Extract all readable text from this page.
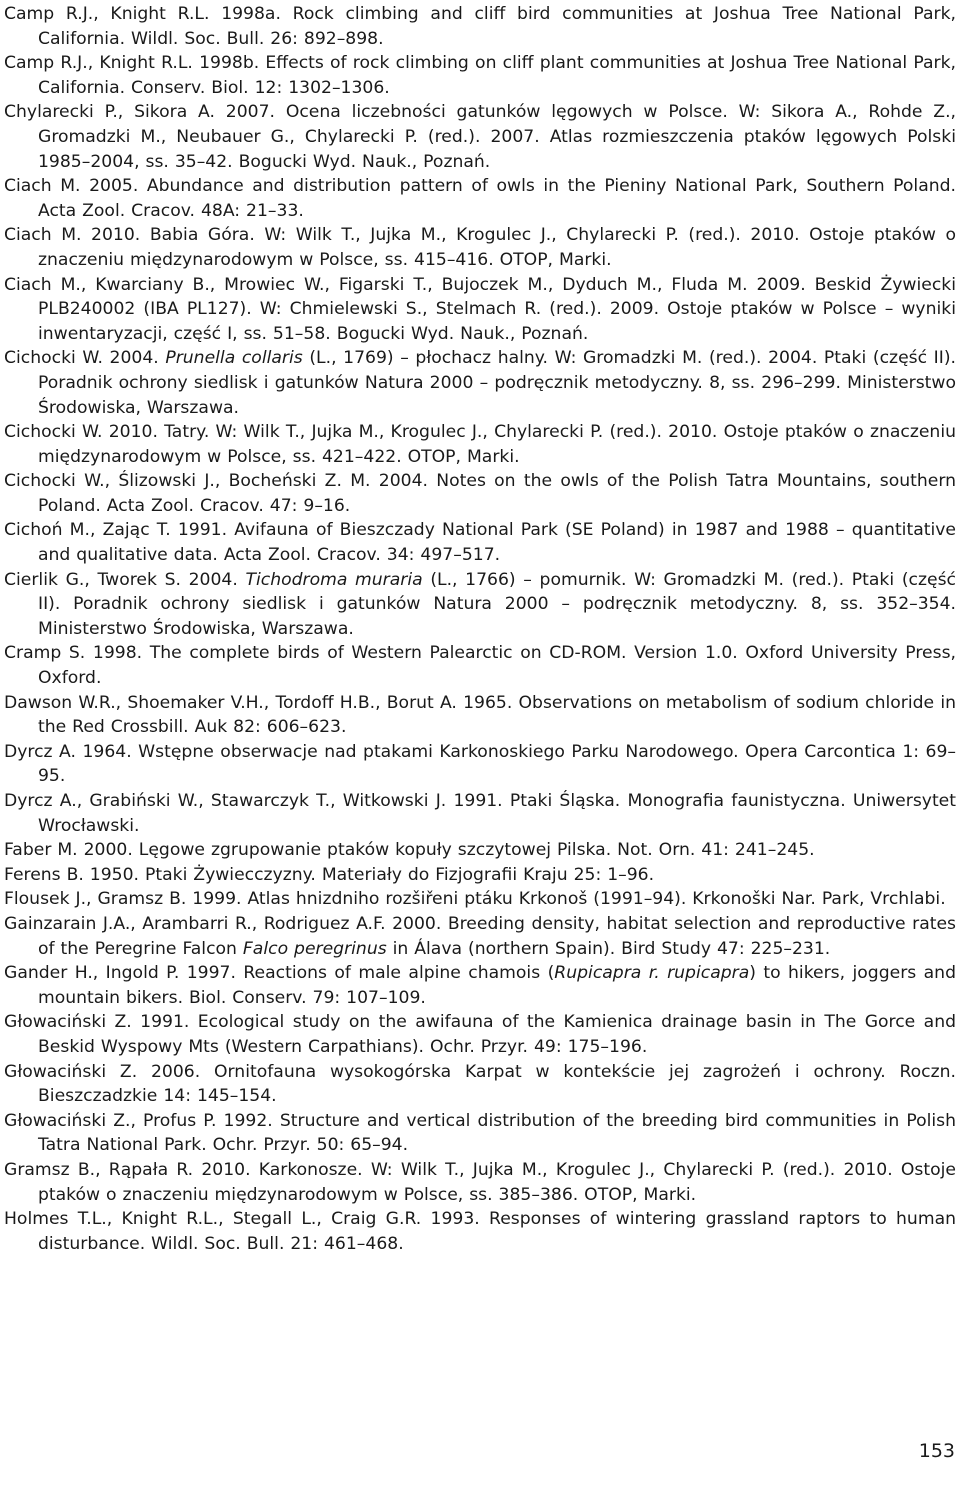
Camp R.J., Knight R.L. 1998a. Rock climbing and cliff bird communities at Joshua Tree National Park, California. Wildl. Soc. Bull. 26: 892–898.

Camp R.J., Knight R.L. 1998b. Effects of rock climbing on cliff plant communities at Joshua Tree National Park, California. Conserv. Biol. 12: 1302–1306.

Chylarecki P., Sikora A. 2007. Ocena liczebności gatunków lęgowych w Polsce. W: Sikora A., Rohde Z., Gromadzki M., Neubauer G., Chylarecki P. (red.). 2007. Atlas rozmieszczenia ptaków lęgowych Polski 1985–2004, ss. 35–42. Bogucki Wyd. Nauk., Poznań.

Ciach M. 2005. Abundance and distribution pattern of owls in the Pieniny National Park, Southern Poland. Acta Zool. Cracov. 48A: 21–33.

Ciach M. 2010. Babia Góra. W: Wilk T., Jujka M., Krogulec J., Chylarecki P. (red.). 2010. Ostoje ptaków o znaczeniu międzynarodowym w Polsce, ss. 415–416. OTOP, Marki.

Ciach M., Kwarciany B., Mrowiec W., Figarski T., Bujoczek M., Dyduch M., Fluda M. 2009. Beskid Żywiecki PLB240002 (IBA PL127). W: Chmielewski S., Stelmach R. (red.). 2009. Ostoje ptaków w Polsce – wyniki inwentaryzacji, część I, ss. 51–58. Bogucki Wyd. Nauk., Poznań.

Cichocki W. 2004. Prunella collaris (L., 1769) – płochacz halny. W: Gromadzki M. (red.). 2004. Ptaki (część II). Poradnik ochrony siedlisk i gatunków Natura 2000 – podręcznik metodyczny. 8, ss. 296–299. Ministerstwo Środowiska, Warszawa.

Cichocki W. 2010. Tatry. W: Wilk T., Jujka M., Krogulec J., Chylarecki P. (red.). 2010. Ostoje ptaków o znaczeniu międzynarodowym w Polsce, ss. 421–422. OTOP, Marki.

Cichocki W., Ślizowski J., Bocheński Z. M. 2004. Notes on the owls of the Polish Tatra Mountains, southern Poland. Acta Zool. Cracov. 47: 9–16.

Cichoń M., Zając T. 1991. Avifauna of Bieszczady National Park (SE Poland) in 1987 and 1988 – quantitative and qualitative data. Acta Zool. Cracov. 34: 497–517.

Cierlik G., Tworek S. 2004. Tichodroma muraria (L., 1766) – pomurnik. W: Gromadzki M. (red.). Ptaki (część II). Poradnik ochrony siedlisk i gatunków Natura 2000 – podręcznik metodyczny. 8, ss. 352–354. Ministerstwo Środowiska, Warszawa.

Cramp S. 1998. The complete birds of Western Palearctic on CD-ROM. Version 1.0. Oxford University Press, Oxford.

Dawson W.R., Shoemaker V.H., Tordoff H.B., Borut A. 1965. Observations on metabolism of sodium chloride in the Red Crossbill. Auk 82: 606–623.

Dyrcz A. 1964. Wstępne obserwacje nad ptakami Karkonoskiego Parku Narodowego. Opera Carcontica 1: 69–95.

Dyrcz A., Grabiński W., Stawarczyk T., Witkowski J. 1991. Ptaki Śląska. Monografia faunistyczna. Uniwersytet Wrocławski.

Faber M. 2000. Lęgowe zgrupowanie ptaków kopuły szczytowej Pilska. Not. Orn. 41: 241–245.

Ferens B. 1950. Ptaki Żywiecczyzny. Materiały do Fizjografii Kraju 25: 1–96.

Flousek J., Gramsz B. 1999. Atlas hnizdniho rozšiřeni ptáku Krkonoš (1991–94). Krkonoški Nar. Park, Vrchlabi.

Gainzarain J.A., Arambarri R., Rodriguez A.F. 2000. Breeding density, habitat selection and reproductive rates of the Peregrine Falcon Falco peregrinus in Álava (northern Spain). Bird Study 47: 225–231.

Gander H., Ingold P. 1997. Reactions of male alpine chamois (Rupicapra r. rupicapra) to hikers, joggers and mountain bikers. Biol. Conserv. 79: 107–109.

Głowaciński Z. 1991. Ecological study on the awifauna of the Kamienica drainage basin in The Gorce and Beskid Wyspowy Mts (Western Carpathians). Ochr. Przyr. 49: 175–196.

Głowaciński Z. 2006. Ornitofauna wysokogórska Karpat w kontekście jej zagrożeń i ochrony. Roczn. Bieszczadzkie 14: 145–154.

Głowaciński Z., Profus P. 1992. Structure and vertical distribution of the breeding bird communities in Polish Tatra National Park. Ochr. Przyr. 50: 65–94.

Gramsz B., Rąpała R. 2010. Karkonosze. W: Wilk T., Jujka M., Krogulec J., Chylarecki P. (red.). 2010. Ostoje ptaków o znaczeniu międzynarodowym w Polsce, ss. 385–386. OTOP, Marki.

Holmes T.L., Knight R.L., Stegall L., Craig G.R. 1993. Responses of wintering grassland raptors to human disturbance. Wildl. Soc. Bull. 21: 461–468.

153
